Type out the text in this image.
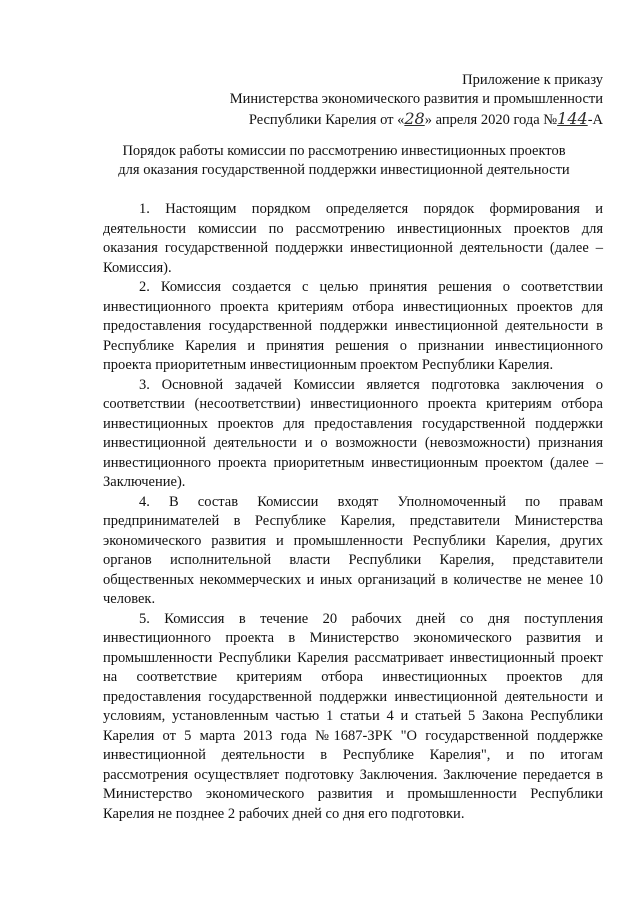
Приложение к приказу
Министерства экономического развития и промышленности
Республики Карелия от «28» апреля 2020 года №144-А
Порядок работы комиссии по рассмотрению инвестиционных проектов
для оказания государственной поддержки инвестиционной деятельности

1. Настоящим порядком определяется порядок формирования и деятельности комиссии по рассмотрению инвестиционных проектов для оказания государственной поддержки инвестиционной деятельности (далее – Комиссия).

2. Комиссия создается с целью принятия решения о соответствии инвестиционного проекта критериям отбора инвестиционных проектов для предоставления государственной поддержки инвестиционной деятельности в Республике Карелия и принятия решения о признании инвестиционного проекта приоритетным инвестиционным проектом Республики Карелия.

3. Основной задачей Комиссии является подготовка заключения о соответствии (несоответствии) инвестиционного проекта критериям отбора инвестиционных проектов для предоставления государственной поддержки инвестиционной деятельности и о возможности (невозможности) признания инвестиционного проекта приоритетным инвестиционным проектом (далее – Заключение).

4. В состав Комиссии входят Уполномоченный по правам предпринимателей в Республике Карелия, представители Министерства экономического развития и промышленности Республики Карелия, других органов исполнительной власти Республики Карелия, представители общественных некоммерческих и иных организаций в количестве не менее 10 человек.

5. Комиссия в течение 20 рабочих дней со дня поступления инвестиционного проекта в Министерство экономического развития и промышленности Республики Карелия рассматривает инвестиционный проект на соответствие критериям отбора инвестиционных проектов для предоставления государственной поддержки инвестиционной деятельности и условиям, установленным частью 1 статьи 4 и статьей 5 Закона Республики Карелия от 5 марта 2013 года №1687-ЗРК "О государственной поддержке инвестиционной деятельности в Республике Карелия", и по итогам рассмотрения осуществляет подготовку Заключения. Заключение передается в Министерство экономического развития и промышленности Республики Карелия не позднее 2 рабочих дней со дня его подготовки.
